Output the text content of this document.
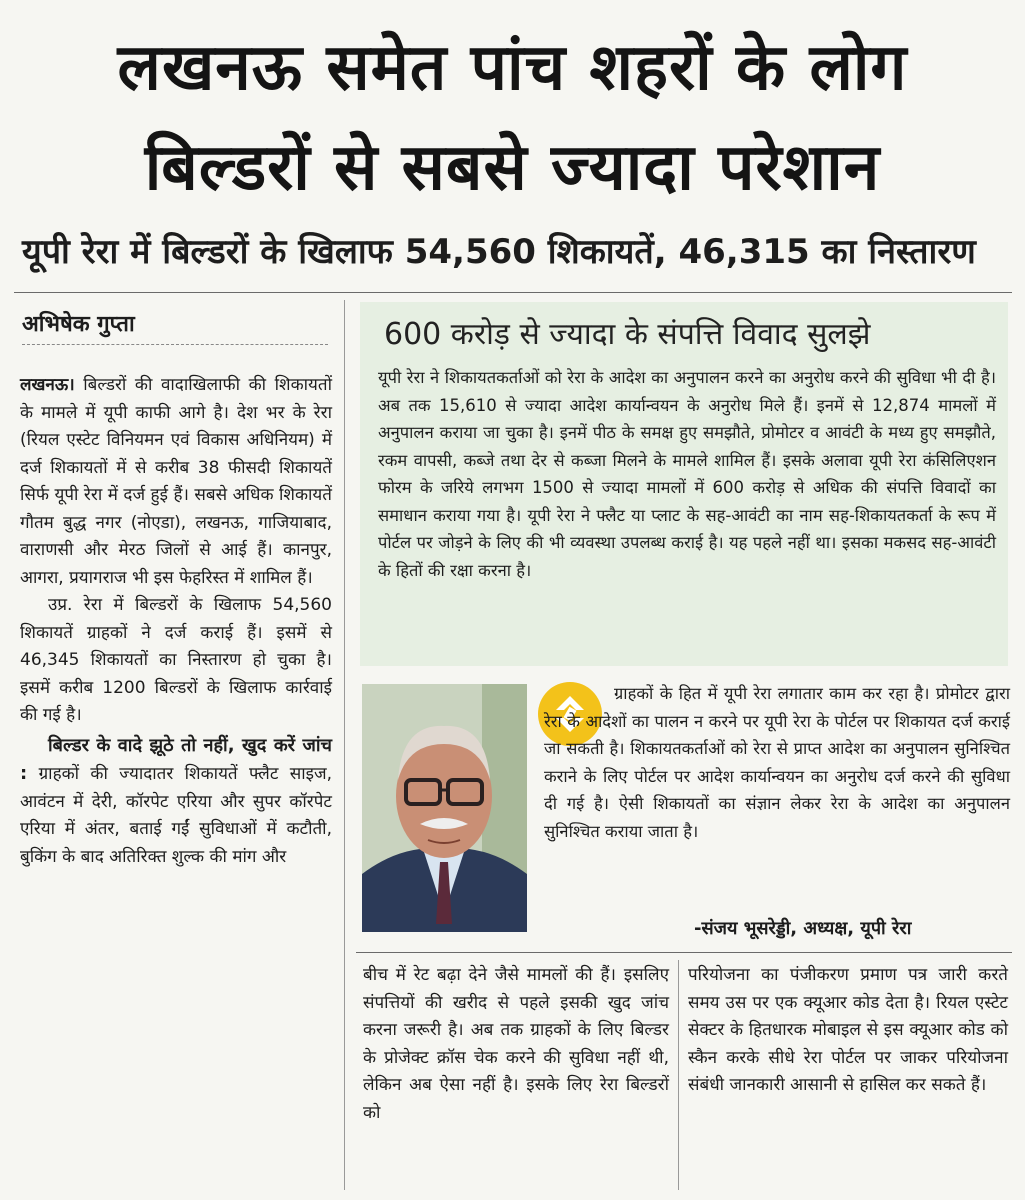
लखनऊ समेत पांच शहरों के लोग
बिल्डरों से सबसे ज्यादा परेशान
यूपी रेरा में बिल्डरों के खिलाफ 54,560 शिकायतें, 46,315 का निस्तारण
अभिषेक गुप्ता

लखनऊ। बिल्डरों की वादाखिलाफी की शिकायतों के मामले में यूपी काफी आगे है। देश भर के रेरा (रियल एस्टेट विनियमन एवं विकास अधिनियम) में दर्ज शिकायतों में से करीब 38 फीसदी शिकायतें सिर्फ यूपी रेरा में दर्ज हुई हैं। सबसे अधिक शिकायतें गौतम बुद्ध नगर (नोएडा), लखनऊ, गाजियाबाद, वाराणसी और मेरठ जिलों से आई हैं। कानपुर, आगरा, प्रयागराज भी इस फेहरिस्त में शामिल हैं।

उप्र. रेरा में बिल्डरों के खिलाफ 54,560 शिकायतें ग्राहकों ने दर्ज कराई हैं। इसमें से 46,345 शिकायतों का निस्तारण हो चुका है। इसमें करीब 1200 बिल्डरों के खिलाफ कार्रवाई की गई है।

बिल्डर के वादे झूठे तो नहीं, खुद करें जांच : ग्राहकों की ज्यादातर शिकायतें फ्लैट साइज, आवंटन में देरी, कॉरपेट एरिया और सुपर कॉरपेट एरिया में अंतर, बताई गईं सुविधाओं में कटौती, बुकिंग के बाद अतिरिक्त शुल्क की मांग और

600 करोड़ से ज्यादा के संपत्ति विवाद सुलझे
यूपी रेरा ने शिकायतकर्ताओं को रेरा के आदेश का अनुपालन करने का अनुरोध करने की सुविधा भी दी है। अब तक 15,610 से ज्यादा आदेश कार्यान्वयन के अनुरोध मिले हैं। इनमें से 12,874 मामलों में अनुपालन कराया जा चुका है। इनमें पीठ के समक्ष हुए समझौते, प्रोमोटर व आवंटी के मध्य हुए समझौते, रकम वापसी, कब्जे तथा देर से कब्जा मिलने के मामले शामिल हैं। इसके अलावा यूपी रेरा कंसिलिएशन फोरम के जरिये लगभग 1500 से ज्यादा मामलों में 600 करोड़ से अधिक की संपत्ति विवादों का समाधान कराया गया है। यूपी रेरा ने फ्लैट या प्लाट के सह-आवंटी का नाम सह-शिकायतकर्ता के रूप में पोर्टल पर जोड़ने के लिए की भी व्यवस्था उपलब्ध कराई है। यह पहले नहीं था। इसका मकसद सह-आवंटी के हितों की रक्षा करना है।
ग्राहकों के हित में यूपी रेरा लगातार काम कर रहा है। प्रोमोटर द्वारा रेरा के आदेशों का पालन न करने पर यूपी रेरा के पोर्टल पर शिकायत दर्ज कराई जा सकती है। शिकायतकर्ताओं को रेरा से प्राप्त आदेश का अनुपालन सुनिश्चित कराने के लिए पोर्टल पर आदेश कार्यान्वयन का अनुरोध दर्ज करने की सुविधा दी गई है। ऐसी शिकायतों का संज्ञान लेकर रेरा के आदेश का अनुपालन सुनिश्चित कराया जाता है।
-संजय भूसरेड्डी, अध्यक्ष, यूपी रेरा
बीच में रेट बढ़ा देने जैसे मामलों की हैं। इसलिए संपत्तियों की खरीद से पहले इसकी खुद जांच करना जरूरी है। अब तक ग्राहकों के लिए बिल्डर के प्रोजेक्ट क्रॉस चेक करने की सुविधा नहीं थी, लेकिन अब ऐसा नहीं है। इसके लिए रेरा बिल्डरों को
परियोजना का पंजीकरण प्रमाण पत्र जारी करते समय उस पर एक क्यूआर कोड देता है। रियल एस्टेट सेक्टर के हितधारक मोबाइल से इस क्यूआर कोड को स्कैन करके सीधे रेरा पोर्टल पर जाकर परियोजना संबंधी जानकारी आसानी से हासिल कर सकते हैं।
